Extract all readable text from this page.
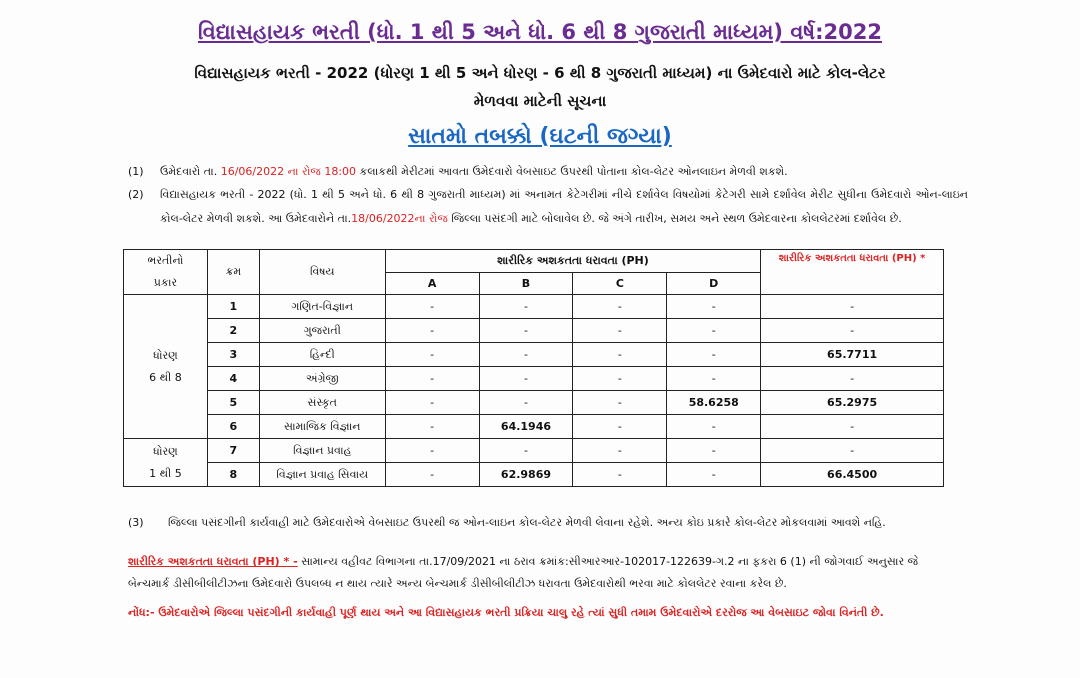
વિદ્યાસહાયક ભરતી (ધો. 1 થી 5 અને ધો. 6 થી 8 ગુજરાતી માધ્યમ) વર્ષ:2022
વિદ્યાસહાયક ભરતી - 2022 (ધોરણ 1 થી 5 અને ધોરણ - 6 થી 8 ગુજરાતી માધ્યમ) ના ઉમેદવારો માટે કોલ-લેટર
મેળવવા માટેની સૂચના
સાતમો તબક્કો (ઘટની જગ્યા)
(1)	ઉમેદવારો તા. 16/06/2022 ના રોજ 18:00 કલાકથી મેરીટમાં આવતા ઉમેદવારો વેબસાઇટ ઉપરથી પોતાના કોલ-લેટર ઓનલાઇન મેળવી શકશે.
(2)	વિદ્યાસહાયક ભરતી - 2022 (ધો. 1 થી 5 અને ધો. 6 થી 8 ગુજરાતી માધ્યમ) માં અનામત કેટેગરીમાં નીચે દર્શાવેલ વિષયોમાં કેટેગરી સામે દર્શાવેલ મેરીટ સુધીના ઉમેદવારો ઓન-લાઇન કોલ-લેટર મેળવી શકશે. આ ઉમેદવારોને તા.18/06/2022ના રોજ જિલ્લા પસંદગી માટે બોલાવેલ છે. જે અંગે તારીખ, સમય અને સ્થળ ઉમેદવારના કોલલેટરમાં દર્શાવેલ છે.
ભરતીનો
પ્રકાર	ક્રમ	વિષય	શારીરિક અશકતતા ધરાવતા (PH)				શારીરિક અશકતતા ધરાવતા (PH) *
			A	B	C	D	
ધોરણ
6 થી 8	1	ગણિત-વિજ્ઞાન	-	-	-	-	-
	2	ગુજરાતી	-	-	-	-	-
	3	હિન્દી	-	-	-	-	65.7711
	4	અંગ્રેજી	-	-	-	-	-
	5	સંસ્કૃત	-	-	-	58.6258	65.2975
	6	સામાજિક વિજ્ઞાન	-	64.1946	-	-	-
ધોરણ
1 થી 5	7	વિજ્ઞાન પ્રવાહ	-	-	-	-	-
	8	વિજ્ઞાન પ્રવાહ સિવાય	-	62.9869	-	-	66.4500
(3)	જિલ્લા પસંદગીની કાર્યવાહી માટે ઉમેદવારોએ વેબસાઇટ ઉપરથી જ ઓન-લાઇન કોલ-લેટર મેળવી લેવાના રહેશે. અન્ય કોઇ પ્રકારે કોલ-લેટર મોકલવામાં આવશે નહિ.
શારીરિક અશકતતા ધરાવતા (PH) * - સામાન્ય વહીવટ વિભાગના તા.17/09/2021 ના ઠરાવ ક્રમાંક:સીઆરઆર-102017-122639-ગ.2 ના ફકરા 6 (1) ની જોગવાઈ અનુસાર જે બેન્ચમાર્ક ડીસીબીલીટીઝના ઉમેદવારો ઉપલબ્ધ ન થાય ત્યારે અન્ય બેન્ચમાર્ક ડીસીબીલીટીઝ ધરાવતા ઉમેદવારોથી ભરવા માટે કોલલેટર રવાના કરેલ છે.
નોંધ:- ઉમેદવારોએ જિલ્લા પસંદગીની કાર્યવાહી પૂર્ણ થાય અને આ વિદ્યાસહાયક ભરતી પ્રક્રિયા ચાલુ રહે ત્યાં સુધી તમામ ઉમેદવારોએ દરરોજ આ વેબસાઇટ જોવા વિનંતી છે.
